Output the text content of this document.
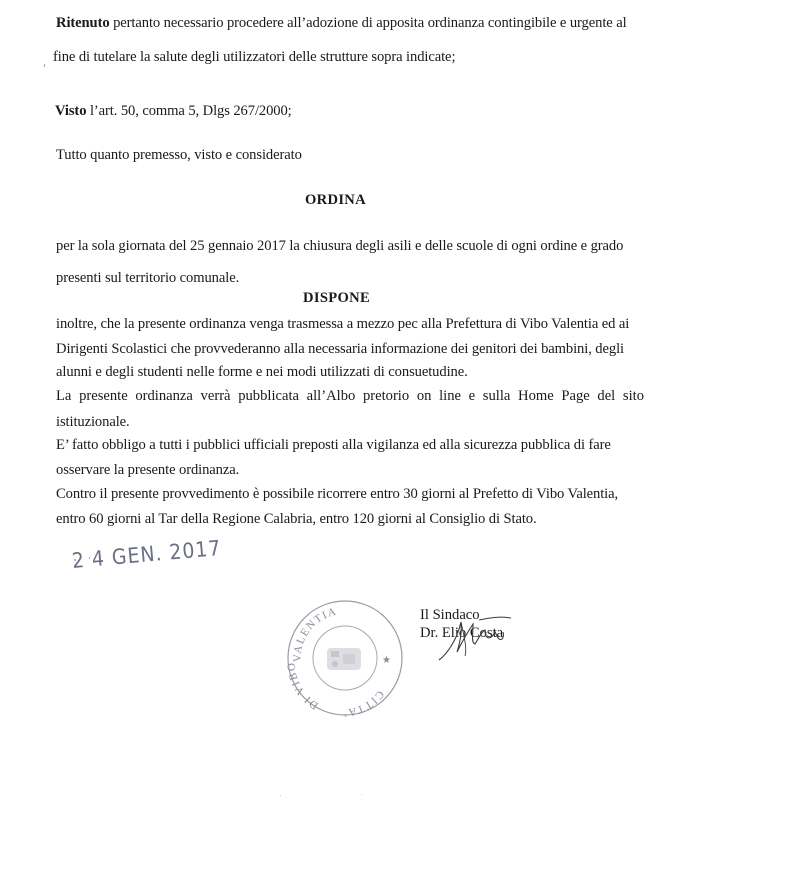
Ritenuto pertanto necessario procedere all’adozione di apposita ordinanza contingibile e urgente al
fine di tutelare la salute degli utilizzatori delle strutture sopra indicate;
Visto l’art. 50, comma 5, Dlgs 267/2000;
Tutto quanto premesso, visto e considerato
ORDINA
per la sola giornata del 25 gennaio 2017 la chiusura degli asili e delle scuole di ogni ordine e grado
presenti sul territorio comunale.
DISPONE
inoltre, che la presente ordinanza venga trasmessa a mezzo pec alla Prefettura di Vibo Valentia ed ai
Dirigenti Scolastici che provvederanno alla necessaria informazione dei genitori dei bambini, degli
alunni e degli studenti nelle forme e nei modi utilizzati di consuetudine.
La presente ordinanza verrà pubblicata all’Albo pretorio on line e sulla Home Page del sito
istituzionale.
E’ fatto obbligo a tutti i pubblici ufficiali preposti alla vigilanza ed alla sicurezza pubblica di fare
osservare la presente ordinanza.
Contro il presente provvedimento è possibile ricorrere entro 30 giorni al Prefetto di Vibo Valentia,
entro 60 giorni al Tar della Regione Calabria, entro 120 giorni al Consiglio di Stato.
2 4 GEN. 2017
VALENTIA
DI VIBO
CITTA'
★
Il Sindaco
Dr. Elio Costa
